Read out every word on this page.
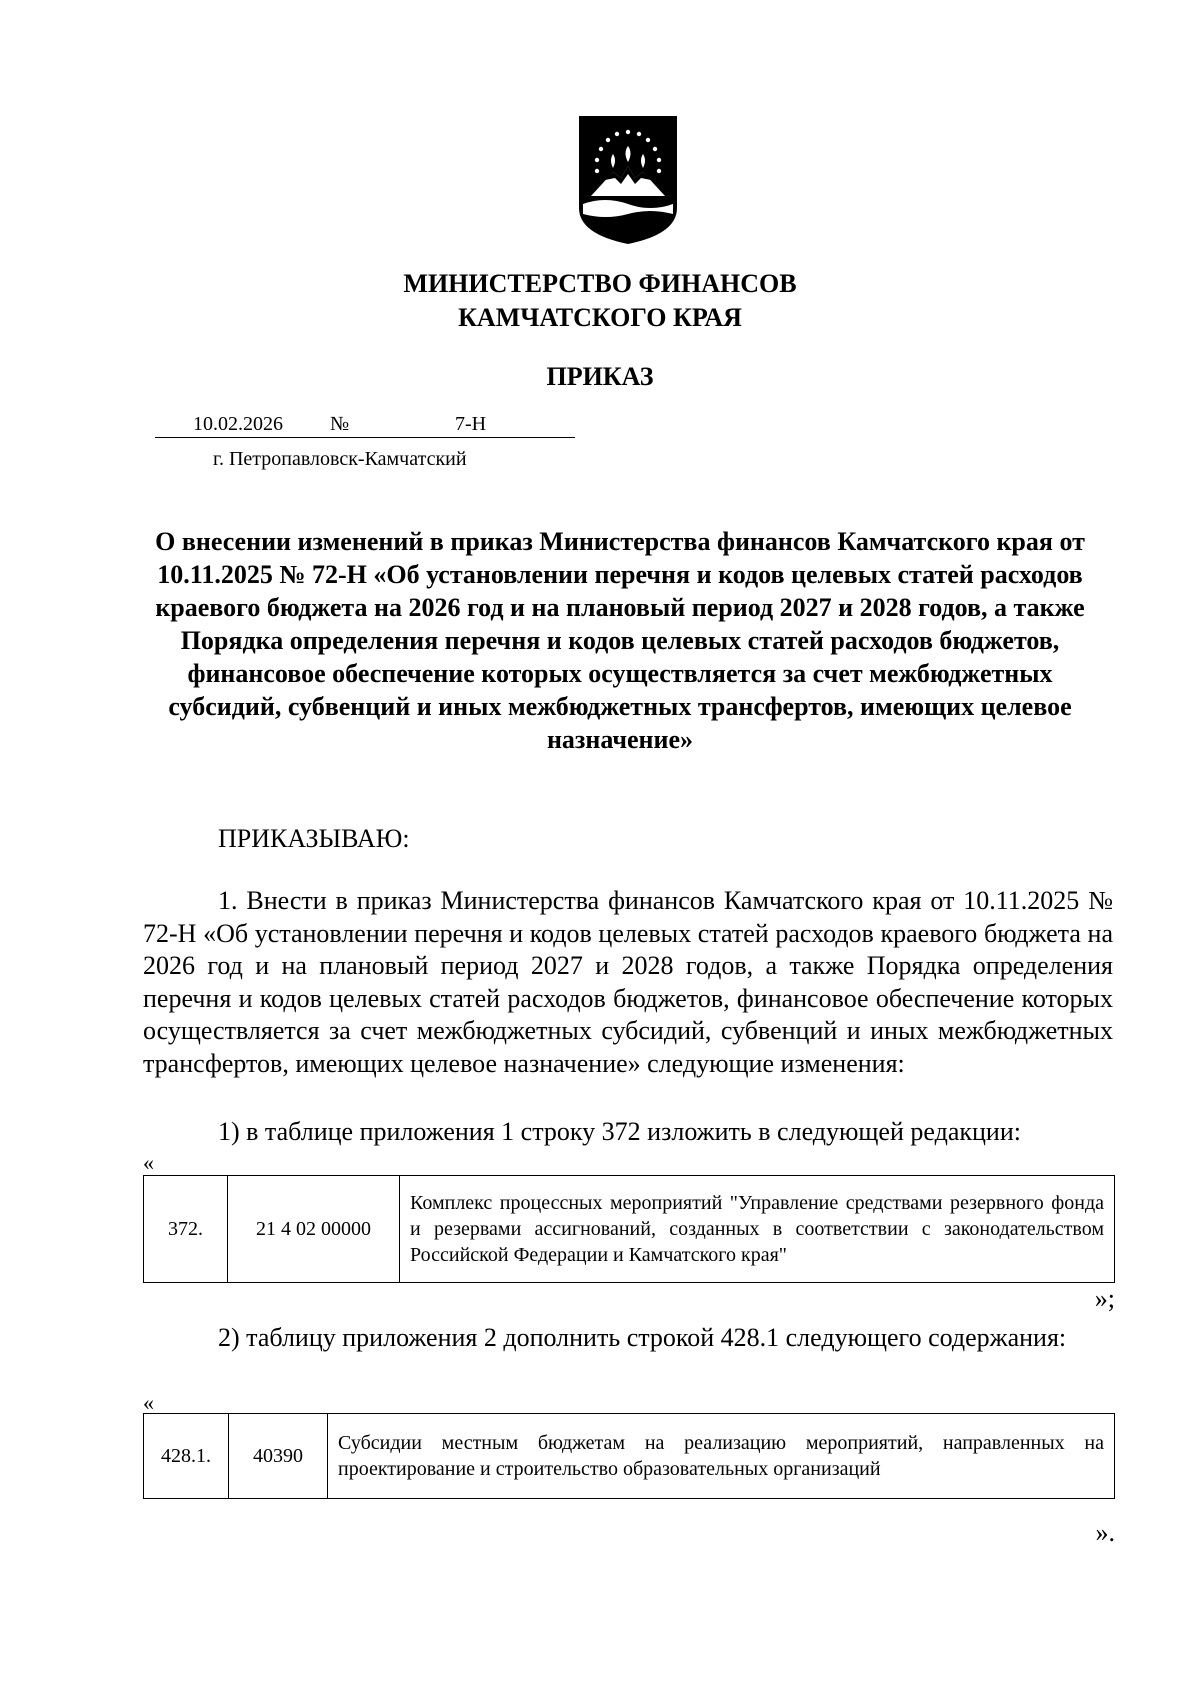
МИНИСТЕРСТВО ФИНАНСОВ
КАМЧАТСКОГО КРАЯ
ПРИКАЗ
10.02.2026 №	7-Н
г. Петропавловск-Камчатский
О внесении изменений в приказ Министерства финансов Камчатского края от 10.11.2025 № 72-Н «Об установлении перечня и кодов целевых статей расходов краевого бюджета на 2026 год и на плановый период 2027 и 2028 годов, а также Порядка определения перечня и кодов целевых статей расходов бюджетов, финансовое обеспечение которых осуществляется за счет межбюджетных субсидий, субвенций и иных межбюджетных трансфертов, имеющих целевое назначение»
ПРИКАЗЫВАЮ:
1. Внести в приказ Министерства финансов Камчатского края от 10.11.2025 № 72-Н «Об установлении перечня и кодов целевых статей расходов краевого бюджета на 2026 год и на плановый период 2027 и 2028 годов, а также Порядка определения перечня и кодов целевых статей расходов бюджетов, финансовое обеспечение которых осуществляется за счет межбюджетных субсидий, субвенций и иных межбюджетных трансфертов, имеющих целевое назначение» следующие изменения:
1) в таблице приложения 1 строку 372 изложить в следующей редакции:
«
372.	21 4 02 00000	Комплекс процессных мероприятий "Управление средствами резервного фонда и резервами ассигнований, созданных в соответствии с законодательством Российской Федерации и Камчатского края"
»;
2) таблицу приложения 2 дополнить строкой 428.1 следующего содержания:
«
428.1.	40390	Субсидии местным бюджетам на реализацию мероприятий, направленных на проектирование и строительство образовательных организаций
».
